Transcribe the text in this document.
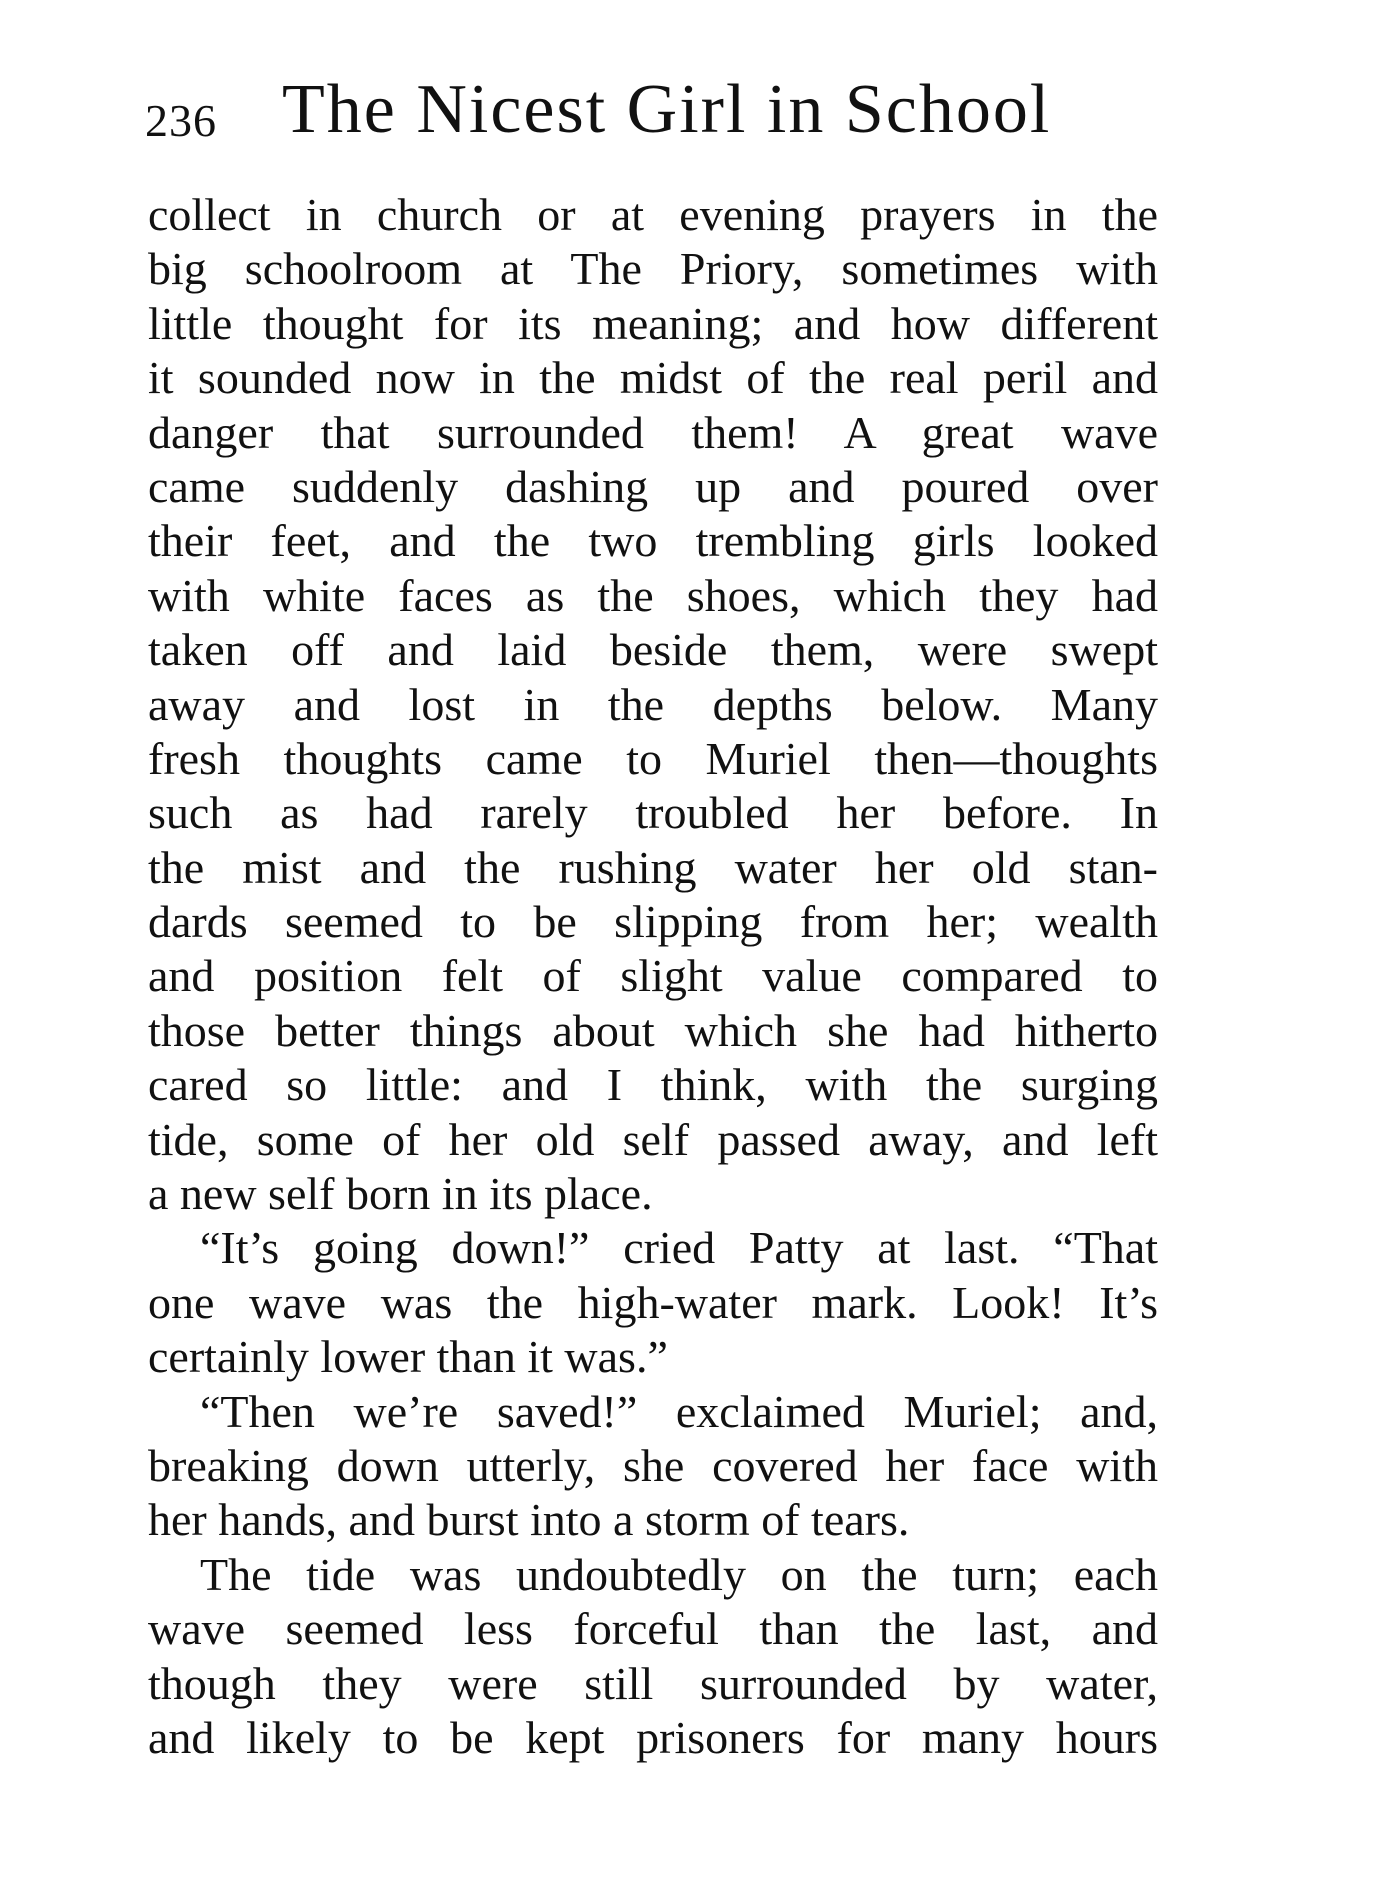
236 The Nicest Girl in School
collect in church or at evening prayers in the
big schoolroom at The Priory, sometimes with
little thought for its meaning; and how different
it sounded now in the midst of the real peril and
danger that surrounded them! A great wave
came suddenly dashing up and poured over
their feet, and the two trembling girls looked
with white faces as the shoes, which they had
taken off and laid beside them, were swept
away and lost in the depths below. Many
fresh thoughts came to Muriel then—thoughts
such as had rarely troubled her before. In
the mist and the rushing water her old stan-
dards seemed to be slipping from her; wealth
and position felt of slight value compared to
those better things about which she had hitherto
cared so little: and I think, with the surging
tide, some of her old self passed away, and left
a new self born in its place.
“It’s going down!” cried Patty at last. “That
one wave was the high-water mark. Look! It’s
certainly lower than it was.”
“Then we’re saved!” exclaimed Muriel; and,
breaking down utterly, she covered her face with
her hands, and burst into a storm of tears.
The tide was undoubtedly on the turn; each
wave seemed less forceful than the last, and
though they were still surrounded by water,
and likely to be kept prisoners for many hours
